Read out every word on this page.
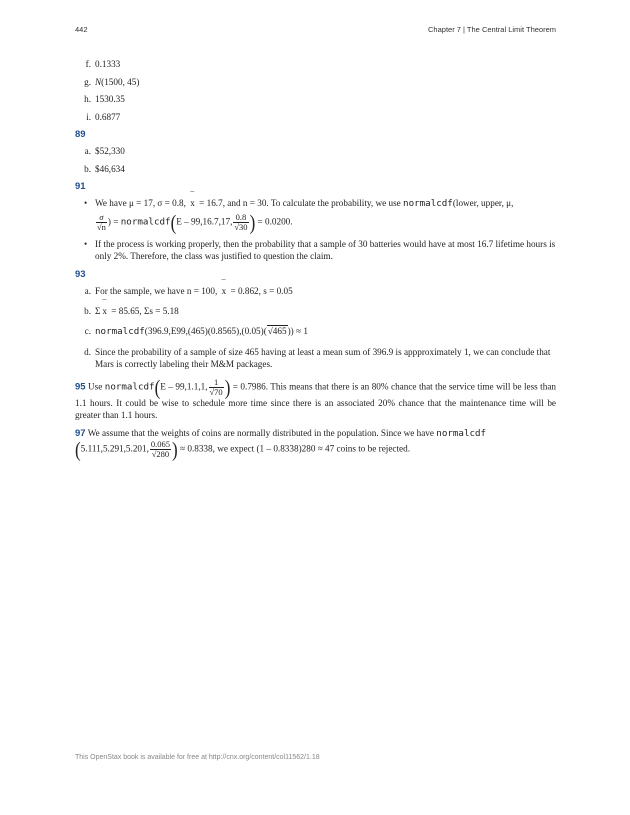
442	Chapter 7 | The Central Limit Theorem
f. 0.1333
g. N(1500, 45)
h. 1530.35
i. 0.6877
89
a. $52,330
b. $46,634
91
• We have μ = 17, σ = 0.8, ¯ x = 16.7, and n = 30. To calculate the probability, we use normalcdf(lower, upper, μ,
$\frac{\sigma}{√n}$ ) = normalcdf(E – 99,16.7,17, $\frac{0.8}{√30}$ ) = 0.0200.
• If the process is working properly, then the probability that a sample of 30 batteries would have at most 16.7 lifetime hours is only 2%. Therefore, the class was justified to question the claim.
93
a. For the sample, we have n = 100, ¯ x = 0.862, s = 0.05
b. Σ¯ x = 85.65, Σs = 5.18
c. normalcdf(396.9,E99,(465)(0.8565),(0.05)(√465)) ≈ 1
d. Since the probability of a sample of size 465 having at least a mean sum of 396.9 is appproximately 1, we can conclude that Mars is correctly labeling their M&M packages.
95 Use normalcdf(E – 99,1.1,1, $\frac{1}{√70}$ ) = 0.7986. This means that there is an 80% chance that the service time will be less than 1.1 hours. It could be wise to schedule more time since there is an associated 20% chance that the maintenance time will be greater than 1.1 hours.
97 We assume that the weights of coins are normally distributed in the population. Since we have normalcdf
(5.111,5.291,5.201, $\frac{0.065}{√280}$ ) ≈ 0.8338, we expect (1 – 0.8338)280 ≈ 47 coins to be rejected.
This OpenStax book is available for free at http://cnx.org/content/col11562/1.18
